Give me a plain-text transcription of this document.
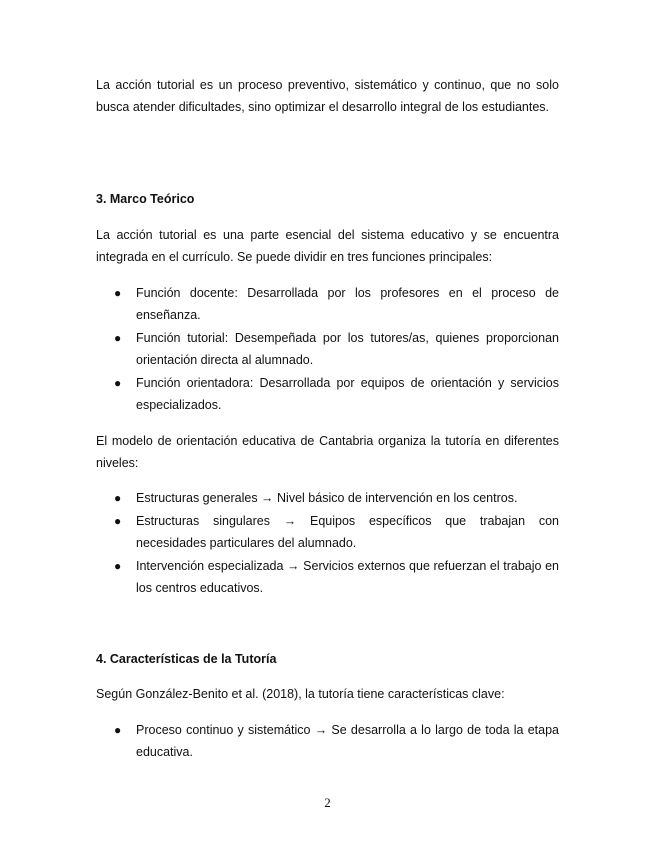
La acción tutorial es un proceso preventivo, sistemático y continuo, que no solo busca atender dificultades, sino optimizar el desarrollo integral de los estudiantes.
3. Marco Teórico
La acción tutorial es una parte esencial del sistema educativo y se encuentra integrada en el currículo. Se puede dividir en tres funciones principales:
● Función docente: Desarrollada por los profesores en el proceso de enseñanza.
● Función tutorial: Desempeñada por los tutores/as, quienes proporcionan orientación directa al alumnado.
● Función orientadora: Desarrollada por equipos de orientación y servicios especializados.
El modelo de orientación educativa de Cantabria organiza la tutoría en diferentes niveles:
● Estructuras generales → Nivel básico de intervención en los centros.
● Estructuras singulares → Equipos específicos que trabajan con necesidades particulares del alumnado.
● Intervención especializada → Servicios externos que refuerzan el trabajo en los centros educativos.
4. Características de la Tutoría
Según González-Benito et al. (2018), la tutoría tiene características clave:
● Proceso continuo y sistemático → Se desarrolla a lo largo de toda la etapa educativa.
2
